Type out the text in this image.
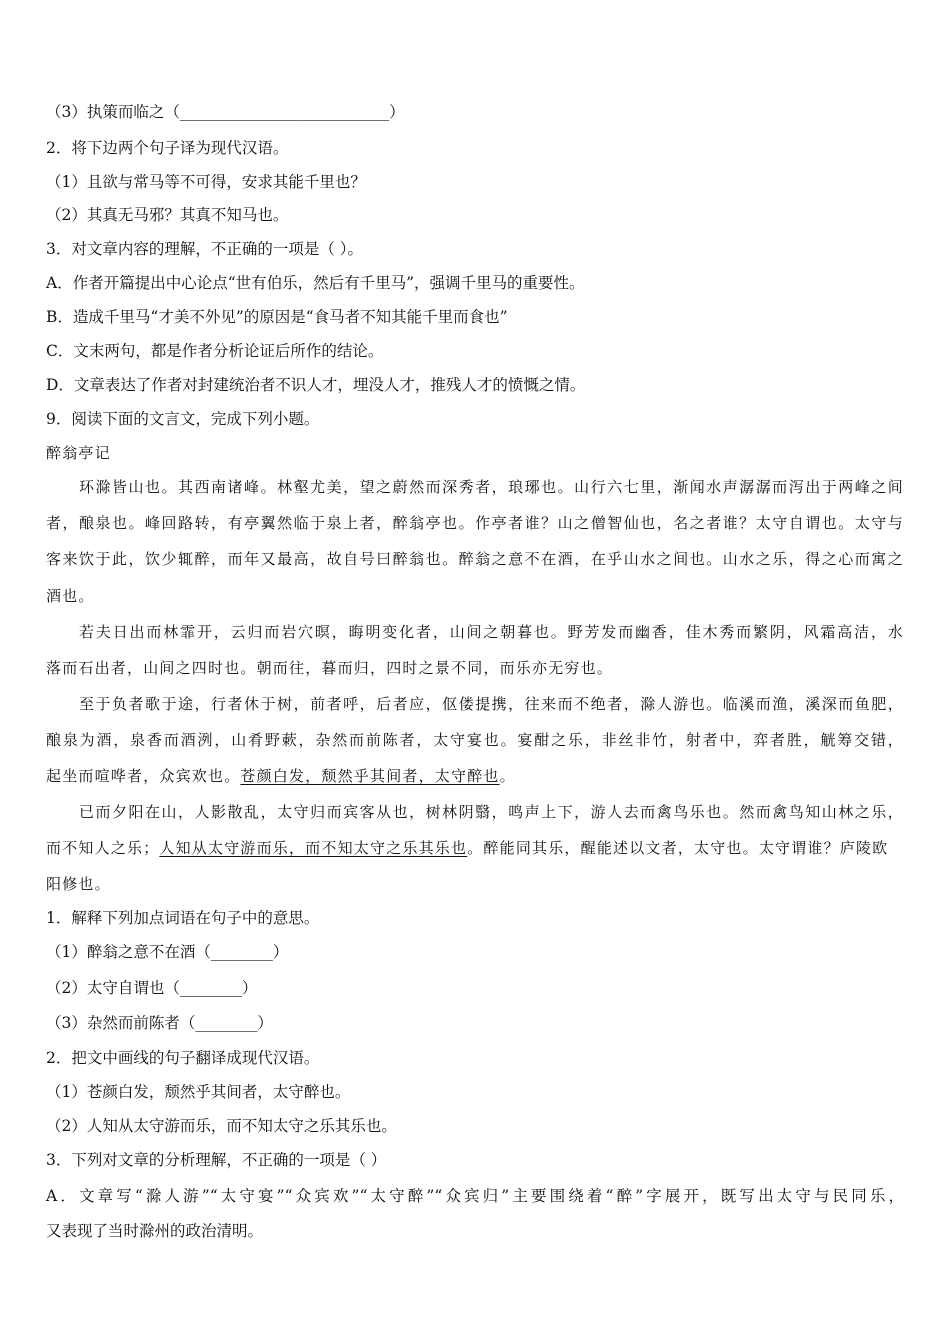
（3）执策而临之（___________________________）
2．将下边两个句子译为现代汉语。
（1）且欲与常马等不可得，安求其能千里也？
（2）其真无马邪？其真不知马也。
3．对文章内容的理解，不正确的一项是（ ）。
A．作者开篇提出中心论点“世有伯乐，然后有千里马”，强调千里马的重要性。
B．造成千里马“才美不外见”的原因是“食马者不知其能千里而食也”
C．文末两句，都是作者分析论证后所作的结论。
D．文章表达了作者对封建统治者不识人才，埋没人才，推残人才的愤慨之情。
9．阅读下面的文言文，完成下列小题。
醉翁亭记
环滁皆山也。其西南诸峰。林壑尤美，望之蔚然而深秀者，琅琊也。山行六七里，渐闻水声潺潺而泻出于两峰之间
者，酿泉也。峰回路转，有亭翼然临于泉上者，醉翁亭也。作亭者谁？山之僧智仙也，名之者谁？太守自谓也。太守与
客来饮于此，饮少辄醉，而年又最高，故自号曰醉翁也。醉翁之意不在酒，在乎山水之间也。山水之乐，得之心而寓之
酒也。
若夫日出而林霏开，云归而岩穴暝，晦明变化者，山间之朝暮也。野芳发而幽香，佳木秀而繁阴，风霜高洁，水
落而石出者，山间之四时也。朝而往，暮而归，四时之景不同，而乐亦无穷也。
至于负者歌于途，行者休于树，前者呼，后者应，伛偻提携，往来而不绝者，滁人游也。临溪而渔，溪深而鱼肥，
酿泉为酒，泉香而酒洌，山肴野蔌，杂然而前陈者，太守宴也。宴酣之乐，非丝非竹，射者中，弈者胜，觥筹交错，
起坐而喧哗者，众宾欢也。苍颜白发，颓然乎其间者，太守醉也。
已而夕阳在山，人影散乱，太守归而宾客从也，树林阴翳，鸣声上下，游人去而禽鸟乐也。然而禽鸟知山林之乐，
而不知人之乐；人知从太守游而乐，而不知太守之乐其乐也。醉能同其乐，醒能述以文者，太守也。太守谓谁？庐陵欧
阳修也。
1．解释下列加点词语在句子中的意思。
（1）醉翁之意不在酒（________）
（2）太守自谓也（________）
（3）杂然而前陈者（________）
2．把文中画线的句子翻译成现代汉语。
（1）苍颜白发，颓然乎其间者，太守醉也。
（2）人知从太守游而乐，而不知太守之乐其乐也。
3．下列对文章的分析理解，不正确的一项是（ ）
A．文章写“滁人游”“太守宴”“众宾欢”“太守醉”“众宾归”主要围绕着“醉”字展开，既写出太守与民同乐，
又表现了当时滁州的政治清明。
